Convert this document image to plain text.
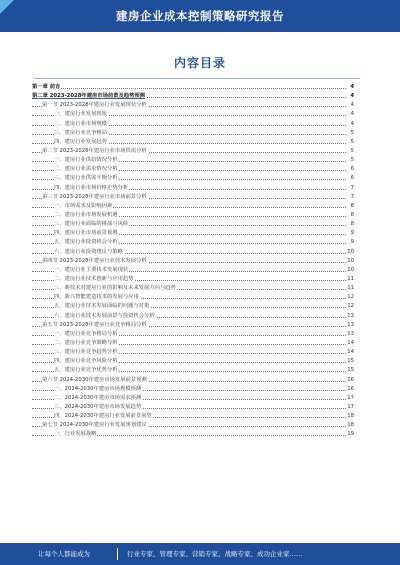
建房企业成本控制策略研究报告
内容目录
第一章 前言	4
第二章 2023-2028年建房市场前景及趋势预测	4
第一节 2023-2028年建房行业发展现状分析	4
一、建房行业发展现状	4
二、建房行业市场规模	4
三、建房行业竞争格局	5
四、建房行业发展趋势	5
第二节 2023-2028年建房行业市场供需分析	5
一、建房行业供给情况分析	5
二、建房行业需求情况分析	6
三、建房行业供需平衡分析	6
四、建房行业市场价格走势分析	7
第三节 2023-2028年建房行业市场前景分析	7
一、市场需求及影响因素	8
二、建房行业市场发展机遇	8
三、建房行业面临的挑战与风险	8
四、建房行业市场前景预测	9
五、建房行业投资机会分析	9
六、建房行业投资建议与策略	10
第四节 2023-2028年建房行业技术发展分析	10
一、建房行业主要技术发展现状	10
二、建房行业技术创新与应用趋势	11
三、新技术对建房行业的影响及未来发展方向与趋势	11
四、新兴智能建造技术的发展与应用	12
五、建房行业技术发展面临的问题与对策	12
六、建房行业技术发展前景与投资机会分析	13
第五节 2023-2028年建房行业竞争格局分析	13
一、建房行业竞争格局分析	13
二、建房行业竞争策略分析	14
三、建房行业竞争趋势分析	14
四、建房行业竞争风险分析	15
五、建房行业竞争优势分析	15
第六节 2024-2030年建房市场发展前景预测	16
一、2024-2030年建房市场规模预测	16
二、2024-2030年建房市场需求预测	17
三、2024-2030年建房市场发展趋势	17
四、2024-2030年建房行业发展前景展望	18
第七节 2024-2030年建房行业发展规划建议	18
一、行业发展战略	19
让每个人都能成为	行业专家、管理专家、营销专家、战略专家、成功企业家……
